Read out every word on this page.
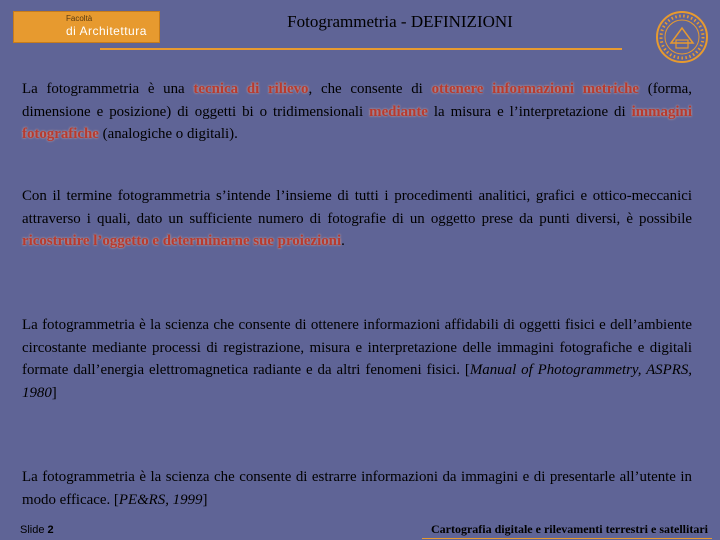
Facoltà
di Architettura	Fotogrammetria - DEFINIZIONI

La fotogrammetria è una tecnica di rilievo, che consente di ottenere informazioni metriche (forma, dimensione e posizione) di oggetti bi o tridimensionali mediante la misura e l’interpretazione di immagini fotografiche (analogiche o digitali).

Con il termine fotogrammetria s’intende l’insieme di tutti i procedimenti analitici, grafici e ottico-meccanici attraverso i quali, dato un sufficiente numero di fotografie di un oggetto prese da punti diversi, è possibile ricostruire l’oggetto e determinarne sue proiezioni.

La fotogrammetria è la scienza che consente di ottenere informazioni affidabili di oggetti fisici e dell’ambiente circostante mediante processi di registrazione, misura e interpretazione delle immagini fotografiche e digitali formate dall’energia elettromagnetica radiante e da altri fenomeni fisici. [Manual of Photogrammetry, ASPRS, 1980]

La fotogrammetria è la scienza che consente di estrarre informazioni da immagini e di presentarle all’utente in modo efficace. [PE&RS, 1999]

Slide 2	Cartografia digitale e rilevamenti terrestri e satellitari
